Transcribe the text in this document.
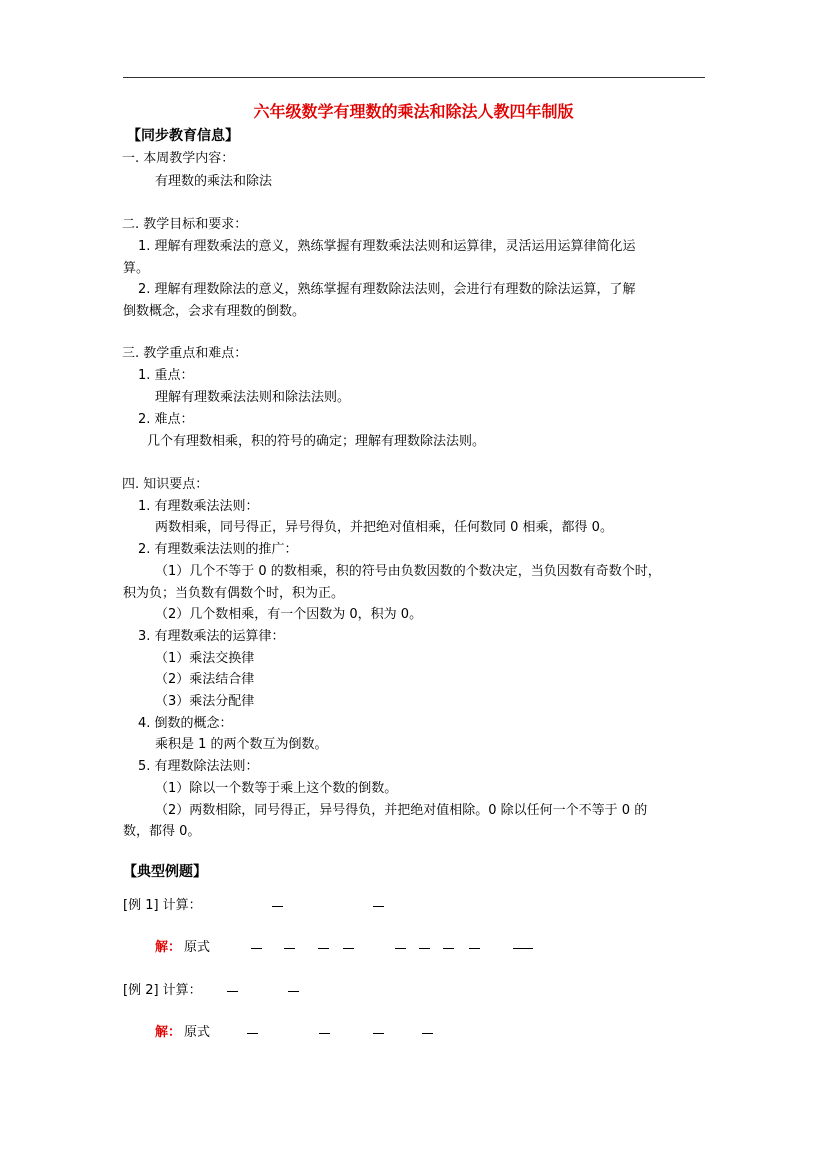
六年级数学有理数的乘法和除法人教四年制版
【同步教育信息】
一. 本周教学内容：
有理数的乘法和除法
二. 教学目标和要求：
1. 理解有理数乘法的意义，熟练掌握有理数乘法法则和运算律，灵活运用运算律简化运
算。
2. 理解有理数除法的意义，熟练掌握有理数除法法则，会进行有理数的除法运算，了解
倒数概念，会求有理数的倒数。
三. 教学重点和难点：
1. 重点：
理解有理数乘法法则和除法法则。
2. 难点：
几个有理数相乘，积的符号的确定；理解有理数除法法则。
四. 知识要点：
1. 有理数乘法法则：
两数相乘，同号得正，异号得负，并把绝对值相乘，任何数同 0 相乘，都得 0。
2. 有理数乘法法则的推广：
（1）几个不等于 0 的数相乘，积的符号由负数因数的个数决定，当负因数有奇数个时，
积为负；当负数有偶数个时，积为正。
（2）几个数相乘，有一个因数为 0，积为 0。
3. 有理数乘法的运算律：
（1）乘法交换律
（2）乘法结合律
（3）乘法分配律
4. 倒数的概念：
乘积是 1 的两个数互为倒数。
5. 有理数除法法则：
（1）除以一个数等于乘上这个数的倒数。
（2）两数相除，同号得正，异号得负，并把绝对值相除。0 除以任何一个不等于 0 的
数，都得 0。
【典型例题】
[例 1] 计算：
解： 原式
[例 2] 计算：
解： 原式
